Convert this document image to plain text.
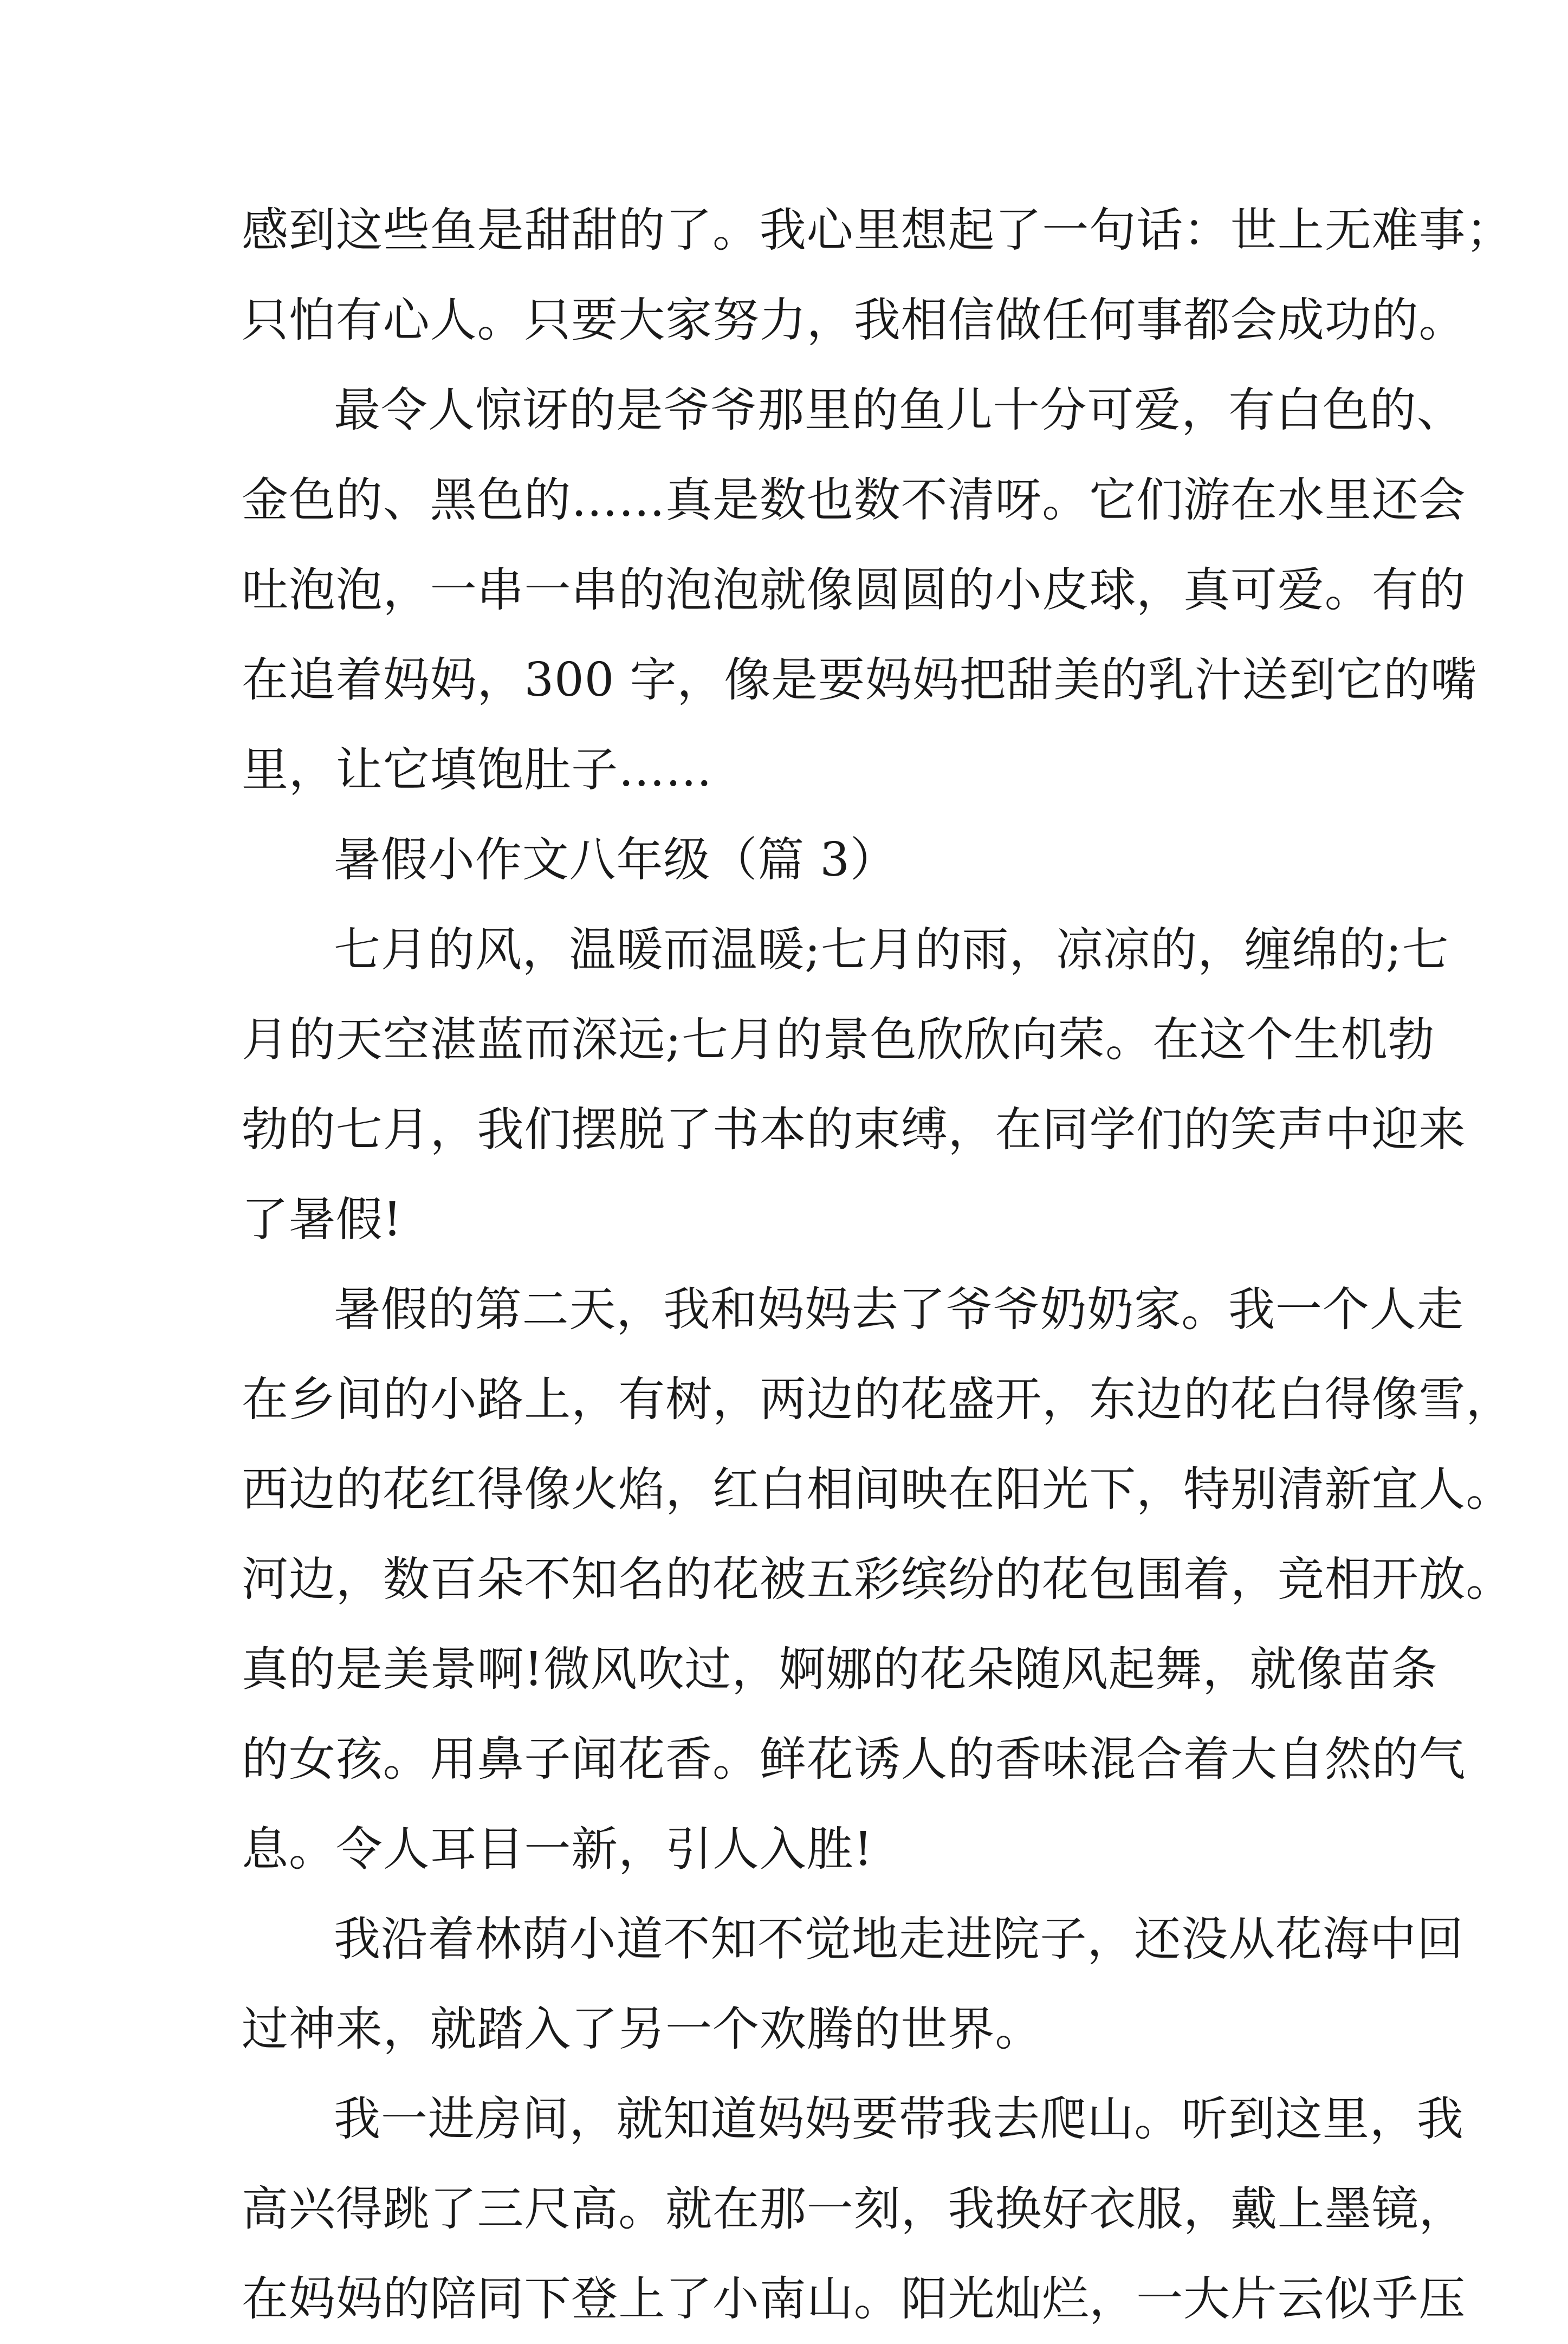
感到这些鱼是甜甜的了。我心里想起了一句话：世上无难事；
只怕有心人。只要大家努力，我相信做任何事都会成功的。
最令人惊讶的是爷爷那里的鱼儿十分可爱，有白色的、
金色的、黑色的……真是数也数不清呀。它们游在水里还会
吐泡泡，一串一串的泡泡就像圆圆的小皮球，真可爱。有的
在追着妈妈，300 字，像是要妈妈把甜美的乳汁送到它的嘴
里，让它填饱肚子……
暑假小作文八年级（篇 3）
七月的风，温暖而温暖;七月的雨，凉凉的，缠绵的;七
月的天空湛蓝而深远;七月的景色欣欣向荣。在这个生机勃
勃的七月，我们摆脱了书本的束缚，在同学们的笑声中迎来
了暑假!
暑假的第二天，我和妈妈去了爷爷奶奶家。我一个人走
在乡间的小路上，有树，两边的花盛开，东边的花白得像雪，
西边的花红得像火焰，红白相间映在阳光下，特别清新宜人。
河边，数百朵不知名的花被五彩缤纷的花包围着，竞相开放。
真的是美景啊!微风吹过，婀娜的花朵随风起舞，就像苗条
的女孩。用鼻子闻花香。鲜花诱人的香味混合着大自然的气
息。令人耳目一新，引人入胜!
我沿着林荫小道不知不觉地走进院子，还没从花海中回
过神来，就踏入了另一个欢腾的世界。
我一进房间，就知道妈妈要带我去爬山。听到这里，我
高兴得跳了三尺高。就在那一刻，我换好衣服，戴上墨镜，
在妈妈的陪同下登上了小南山。阳光灿烂，一大片云似乎压
